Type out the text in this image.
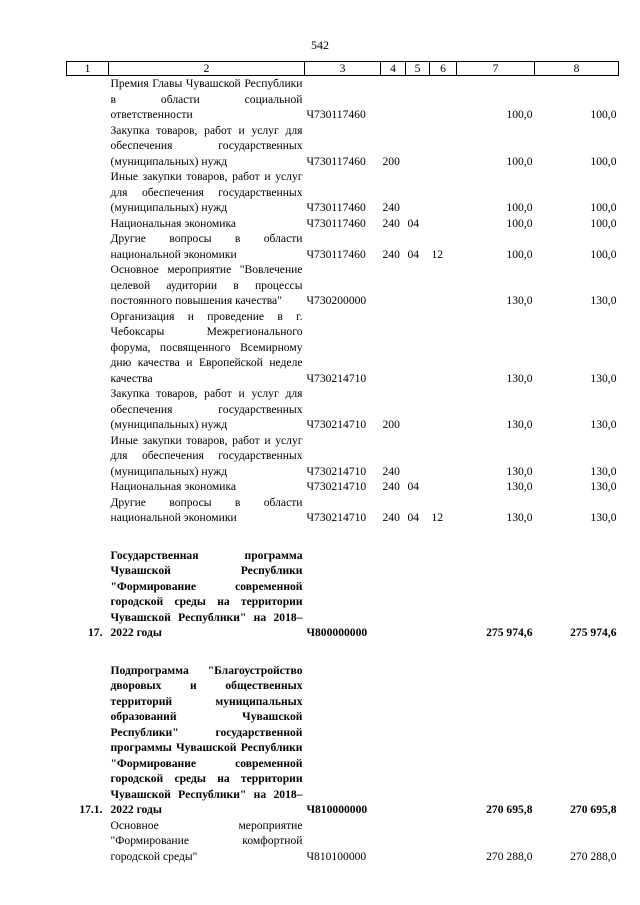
542
1	2	3	4	5	6	7	8
	Премия Главы Чувашской Республики в области социальной ответственности	Ч730117460				100,0	100,0
	Закупка товаров, работ и услуг для обеспечения государственных (муниципальных) нужд	Ч730117460	200			100,0	100,0
	Иные закупки товаров, работ и услуг для обеспечения государственных (муниципальных) нужд	Ч730117460	240			100,0	100,0
	Национальная экономика	Ч730117460	240	04		100,0	100,0
	Другие вопросы в области национальной экономики	Ч730117460	240	04	12	100,0	100,0
	Основное мероприятие "Вовлечение целевой аудитории в процессы постоянного повышения качества"	Ч730200000				130,0	130,0
	Организация и проведение в г. Чебоксары Межрегионального форума, посвященного Всемирному дню качества и Европейской неделе качества	Ч730214710				130,0	130,0
	Закупка товаров, работ и услуг для обеспечения государственных (муниципальных) нужд	Ч730214710	200			130,0	130,0
	Иные закупки товаров, работ и услуг для обеспечения государственных (муниципальных) нужд	Ч730214710	240			130,0	130,0
	Национальная экономика	Ч730214710	240	04		130,0	130,0
	Другие вопросы в области национальной экономики	Ч730214710	240	04	12	130,0	130,0

17.	Государственная программа Чувашской Республики "Формирование современной городской среды на территории Чувашской Республики" на 2018–2022 годы	Ч800000000				275 974,6	275 974,6

17.1.	Подпрограмма "Благоустройство дворовых и общественных территорий муниципальных образований Чувашской Республики" государственной программы Чувашской Республики "Формирование современной городской среды на территории Чувашской Республики" на 2018–2022 годы	Ч810000000				270 695,8	270 695,8
	Основное мероприятие "Формирование комфортной городской среды"	Ч810100000				270 288,0	270 288,0
